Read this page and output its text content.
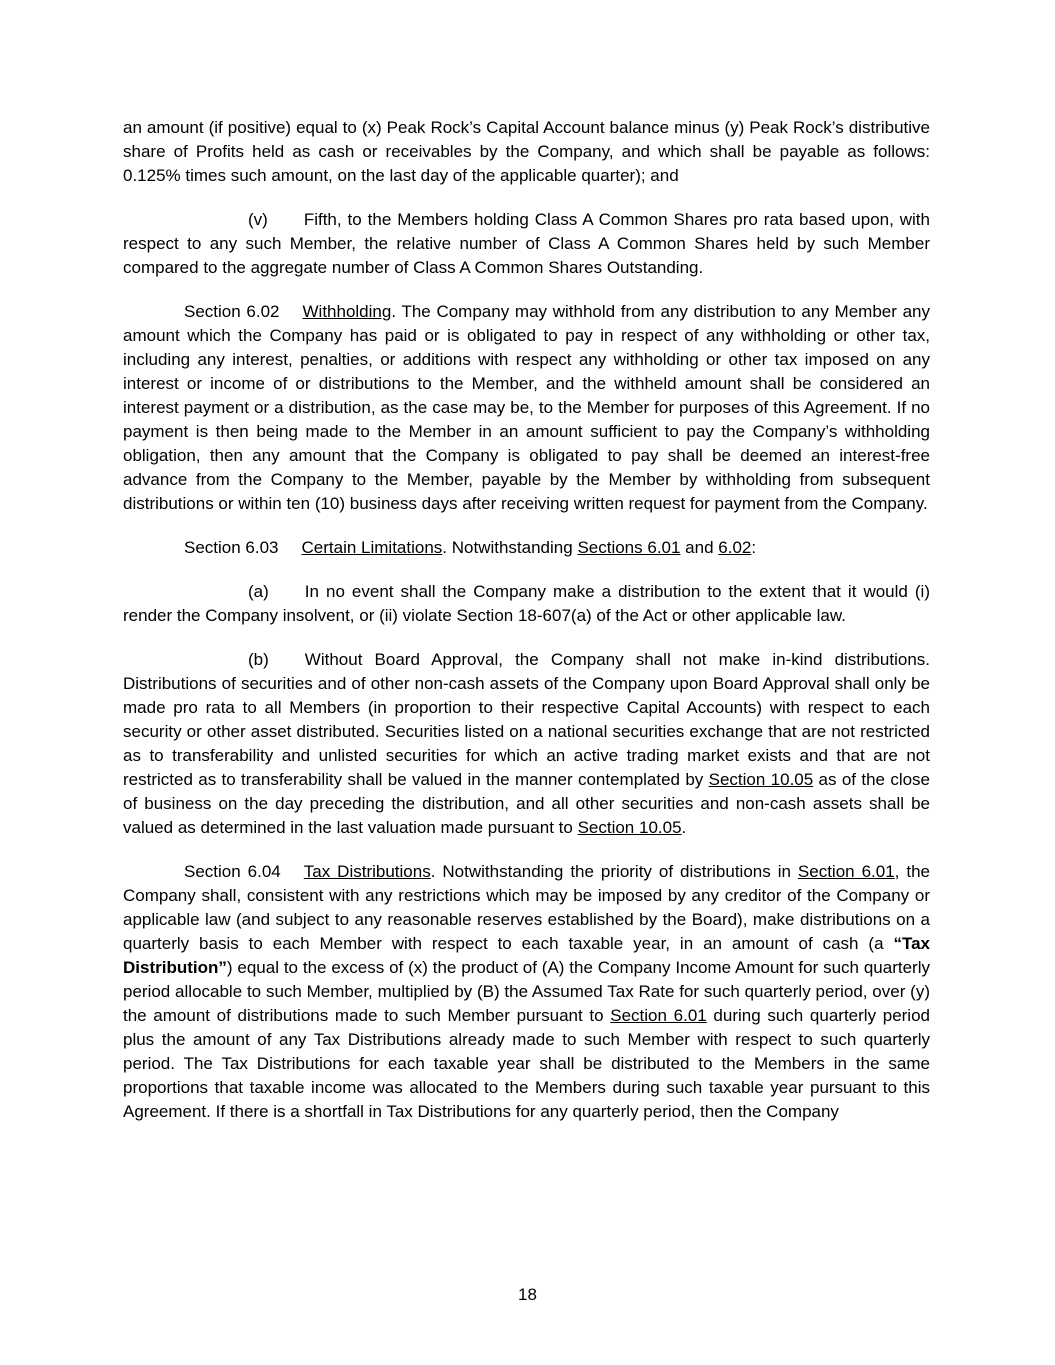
an amount (if positive) equal to (x) Peak Rock’s Capital Account balance minus (y) Peak Rock’s distributive share of Profits held as cash or receivables by the Company, and which shall be payable as follows: 0.125% times such amount, on the last day of the applicable quarter); and

(v) Fifth, to the Members holding Class A Common Shares pro rata based upon, with respect to any such Member, the relative number of Class A Common Shares held by such Member compared to the aggregate number of Class A Common Shares Outstanding.

Section 6.02 Withholding. The Company may withhold from any distribution to any Member any amount which the Company has paid or is obligated to pay in respect of any withholding or other tax, including any interest, penalties, or additions with respect any withholding or other tax imposed on any interest or income of or distributions to the Member, and the withheld amount shall be considered an interest payment or a distribution, as the case may be, to the Member for purposes of this Agreement. If no payment is then being made to the Member in an amount sufficient to pay the Company’s withholding obligation, then any amount that the Company is obligated to pay shall be deemed an interest-free advance from the Company to the Member, payable by the Member by withholding from subsequent distributions or within ten (10) business days after receiving written request for payment from the Company.

Section 6.03 Certain Limitations. Notwithstanding Sections 6.01 and 6.02:

(a) In no event shall the Company make a distribution to the extent that it would (i) render the Company insolvent, or (ii) violate Section 18-607(a) of the Act or other applicable law.

(b) Without Board Approval, the Company shall not make in-kind distributions. Distributions of securities and of other non-cash assets of the Company upon Board Approval shall only be made pro rata to all Members (in proportion to their respective Capital Accounts) with respect to each security or other asset distributed. Securities listed on a national securities exchange that are not restricted as to transferability and unlisted securities for which an active trading market exists and that are not restricted as to transferability shall be valued in the manner contemplated by Section 10.05 as of the close of business on the day preceding the distribution, and all other securities and non-cash assets shall be valued as determined in the last valuation made pursuant to Section 10.05.

Section 6.04 Tax Distributions. Notwithstanding the priority of distributions in Section 6.01, the Company shall, consistent with any restrictions which may be imposed by any creditor of the Company or applicable law (and subject to any reasonable reserves established by the Board), make distributions on a quarterly basis to each Member with respect to each taxable year, in an amount of cash (a “Tax Distribution”) equal to the excess of (x) the product of (A) the Company Income Amount for such quarterly period allocable to such Member, multiplied by (B) the Assumed Tax Rate for such quarterly period, over (y) the amount of distributions made to such Member pursuant to Section 6.01 during such quarterly period plus the amount of any Tax Distributions already made to such Member with respect to such quarterly period. The Tax Distributions for each taxable year shall be distributed to the Members in the same proportions that taxable income was allocated to the Members during such taxable year pursuant to this Agreement. If there is a shortfall in Tax Distributions for any quarterly period, then the Company

18
